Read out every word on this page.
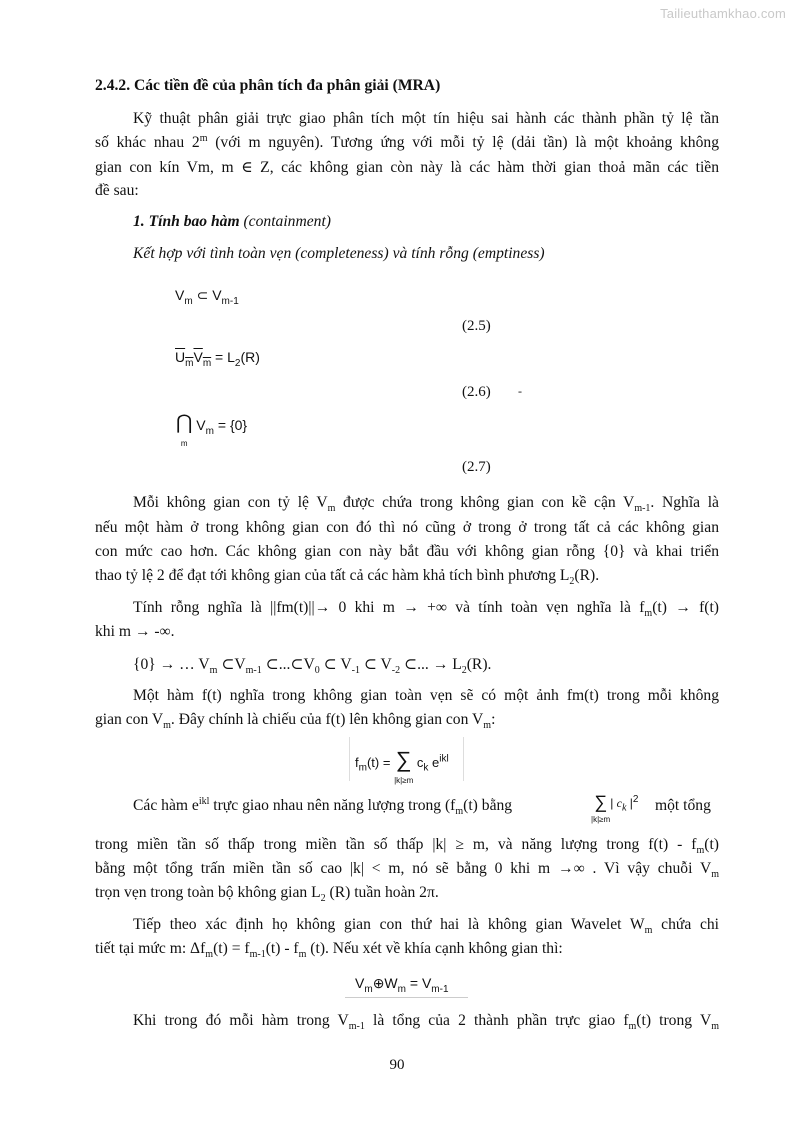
Tailieuthamkhao.com
2.4.2. Các tiền đề của phân tích đa phân giải (MRA)
Kỹ thuật phân giải trực giao phân tích một tín hiệu sai hành các thành phần tỷ lệ tần
số khác nhau 2$^m$ (với m nguyên). Tương ứng với mỗi tỷ lệ (dải tần) là một khoảng không
gian con kín Vm, m ∈ Z, các không gian còn này là các hàm thời gian thoả mãn các tiền
đề sau:
1. Tính bao hàm (containment)
Kết hợp với tình toàn vẹn (completeness) và tính rỗng (emptiness)
$V_m$ ⊂ $V_{m-1}$
(2.5)
$U_mV_m = L_2(R)$
(2.6) -
⋂
m $V_m = \{0\}$
(2.7)
Mỗi không gian con tỷ lệ $V_m$ được chứa trong không gian con kề cận $V_{m-1}$. Nghĩa là
nếu một hàm ở trong không gian con đó thì nó cũng ở trong ở trong tất cả các không gian
con mức cao hơn. Các không gian con này bắt đầu với không gian rỗng {0} và khai triển
thao tỷ lệ 2 để đạt tới không gian của tất cả các hàm khả tích bình phương $L_2(R)$.
Tính rỗng nghĩa là ||fm(t)||→ 0 khi m → +∞ và tính toàn vẹn nghĩa là $f_m(t) \to f(t)$
khi m → -∞.
{0} → … $V_m$ $\subset V_{m-1}$ $\subset...\subset V_0$ ⊂ $V_{-1}$ ⊂ $V_{-2}$ ⊂... → $L_2(R)$.
Một hàm f(t) nghĩa trong không gian toàn vẹn sẽ có một ảnh fm(t) trong mỗi không
gian con $V_m$. Đây chính là chiếu của f(t) lên không gian con $V_m$:
$f_m(t)$ = ∑
|k|≥m $c_k$ $e^{ikl}$
Các hàm $e^{ikl}$ trực giao nhau nên năng lượng trong ($f_m(t)$ bằng	∑
|k|≥m| $c_k$ $|^2$ một tổng
trong miền tần số thấp trong miền tần số thấp |k| ≥ m, và năng lượng trong $f(t) - f_m(t)$
bằng một tổng trấn miền tần số cao |k| < m, nó sẽ bằng 0 khi m →∞ . Vì vậy chuỗi $V_m$
trọn vẹn trong toàn bộ không gian $L_2$ (R) tuần hoàn 2π.
Tiếp theo xác định họ không gian con thứ hai là không gian Wavelet $W_m$ chứa chi
tiết tại mức m: $\Delta f_m(t) = f_{m-1}(t) - f_m$ (t). Nếu xét về khía cạnh không gian thì:
$V_m\oplus W_m = V_{m-1}$
Khi trong đó mỗi hàm trong $V_{m-1}$ là tổng của 2 thành phần trực giao $f_m(t)$ trong $V_m$
90
